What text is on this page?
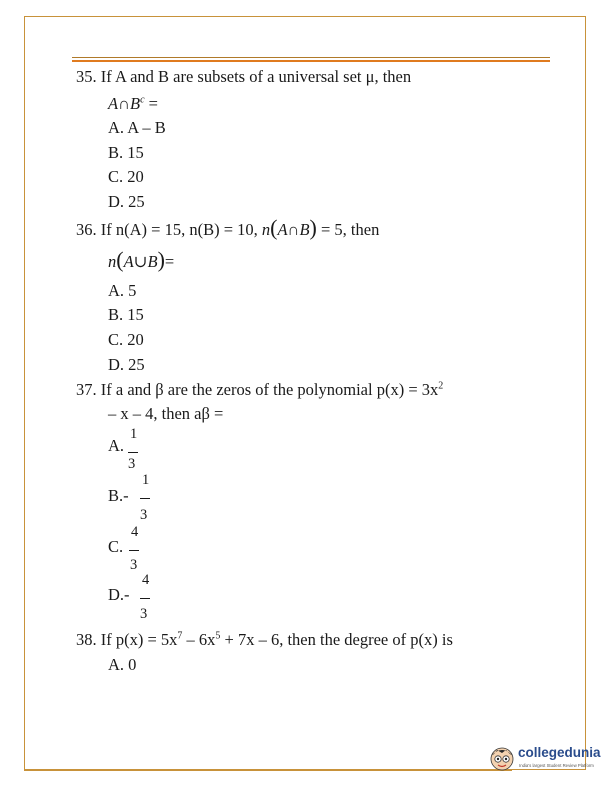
35. If A and B are subsets of a universal set μ, then
$A\cap B^c$ =
A. A – B
B. 15
C. 20
D. 25
36. If n(A) = 15, n(B) = 10, n(A∩B) = 5, then
n(A∪B)=
A. 5
B. 15
C. 20
D. 25
37. If a and β are the zeros of the polynomial $p(x) = 3x^2$
– x – 4, then aβ =
A.
1
3
B.-
1
3
C.
4
3
D.-
4
3
38. If $p(x) = 5x^7 - 6x^5 + 7x - 6$, then the degree of p(x) is
A. 0
collegedunia
India's largest Student Review Platform
